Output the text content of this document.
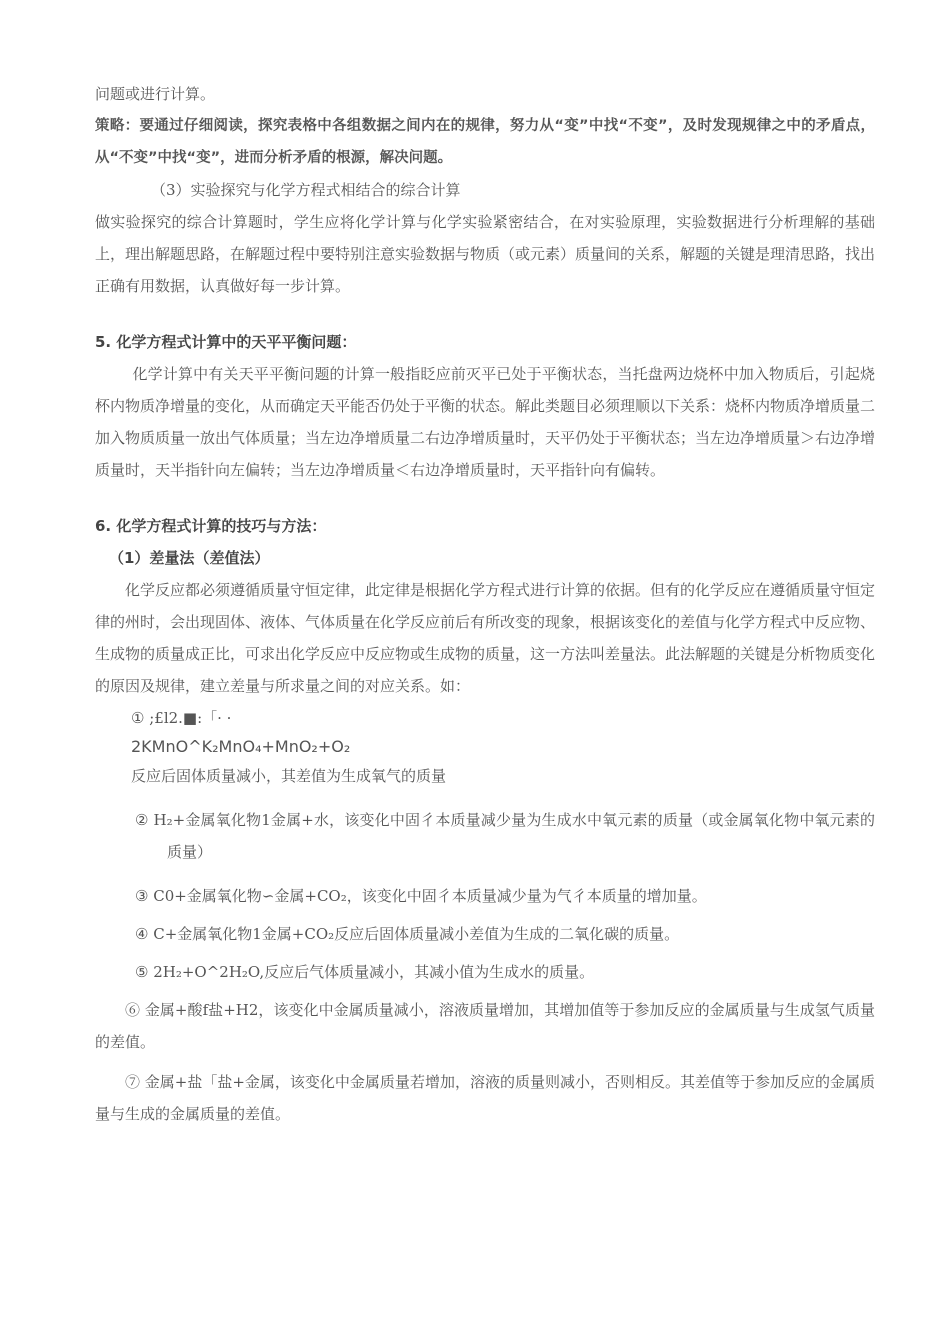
问题或进行计算。

策略：要通过仔细阅读，探究表格中各组数据之间内在的规律，努力从“变”中找“不变”，及时发现规律之中的矛盾点，从“不变”中找“变”，进而分析矛盾的根源，解决问题。

（3）实验探究与化学方程式相结合的综合计算

做实验探究的综合计算题时，学生应将化学计算与化学实验紧密结合，在对实验原理，实验数据进行分析理解的基础上，理出解题思路，在解题过程中要特别注意实验数据与物质（或元素）质量间的关系，解题的关键是理清思路，找出正确有用数据，认真做好每一步计算。

5. 化学方程式计算中的天平平衡问题：

化学计算中有关天平平衡问题的计算一般指眨应前灭平已处于平衡状态，当托盘两边烧杯中加入物质后，引起烧杯内物质净增量的变化，从而确定天平能否仍处于平衡的状态。解此类题目必须理顺以下关系：烧杯内物质净增质量二加入物质质量一放出气体质量；当左边净增质量二右边净增质量时，天平仍处于平衡状态；当左边净增质量＞右边净增质量时，天半指针向左偏转；当左边净增质量＜右边净增质量时，天平指针向有偏转。

6. 化学方程式计算的技巧与方法：

（1）差量法（差值法）

化学反应都必须遵循质量守恒定律，此定律是根据化学方程式进行计算的依据。但有的化学反应在遵循质量守恒定律的州时，会出现固体、液体、气体质量在化学反应前后有所改变的现象，根据该变化的差值与化学方程式中反应物、生成物的质量成正比，可求出化学反应中反应物或生成物的质量，这一方法叫差量法。此法解题的关键是分析物质变化的原因及规律，建立差量与所求量之间的对应关系。如：

① ;£l2.■:「· ·

2KMnO^K₂MnO₄+MnO₂+O₂

反应后固体质量减小，其差值为生成氧气的质量

② H₂+金属氧化物1金属+水，该变化中固彳本质量减少量为生成水中氧元素的质量（或金属氧化物中氧元素的质量）

③ C0+金属氧化物∽金属+CO₂，该变化中固彳本质量减少量为气彳本质量的增加量。

④ C+金属氧化物1金属+CO₂反应后固体质量减小差值为生成的二氧化碳的质量。

⑤ 2H₂+O^2H₂O,反应后气体质量减小，其减小值为生成水的质量。

⑥ 金属+酸f盐+H2，该变化中金属质量减小，溶液质量增加，其增加值等于参加反应的金属质量与生成氢气质量的差值。

⑦ 金属+盐「盐+金属，该变化中金属质量若增加，溶液的质量则减小，否则相反。其差值等于参加反应的金属质量与生成的金属质量的差值。
